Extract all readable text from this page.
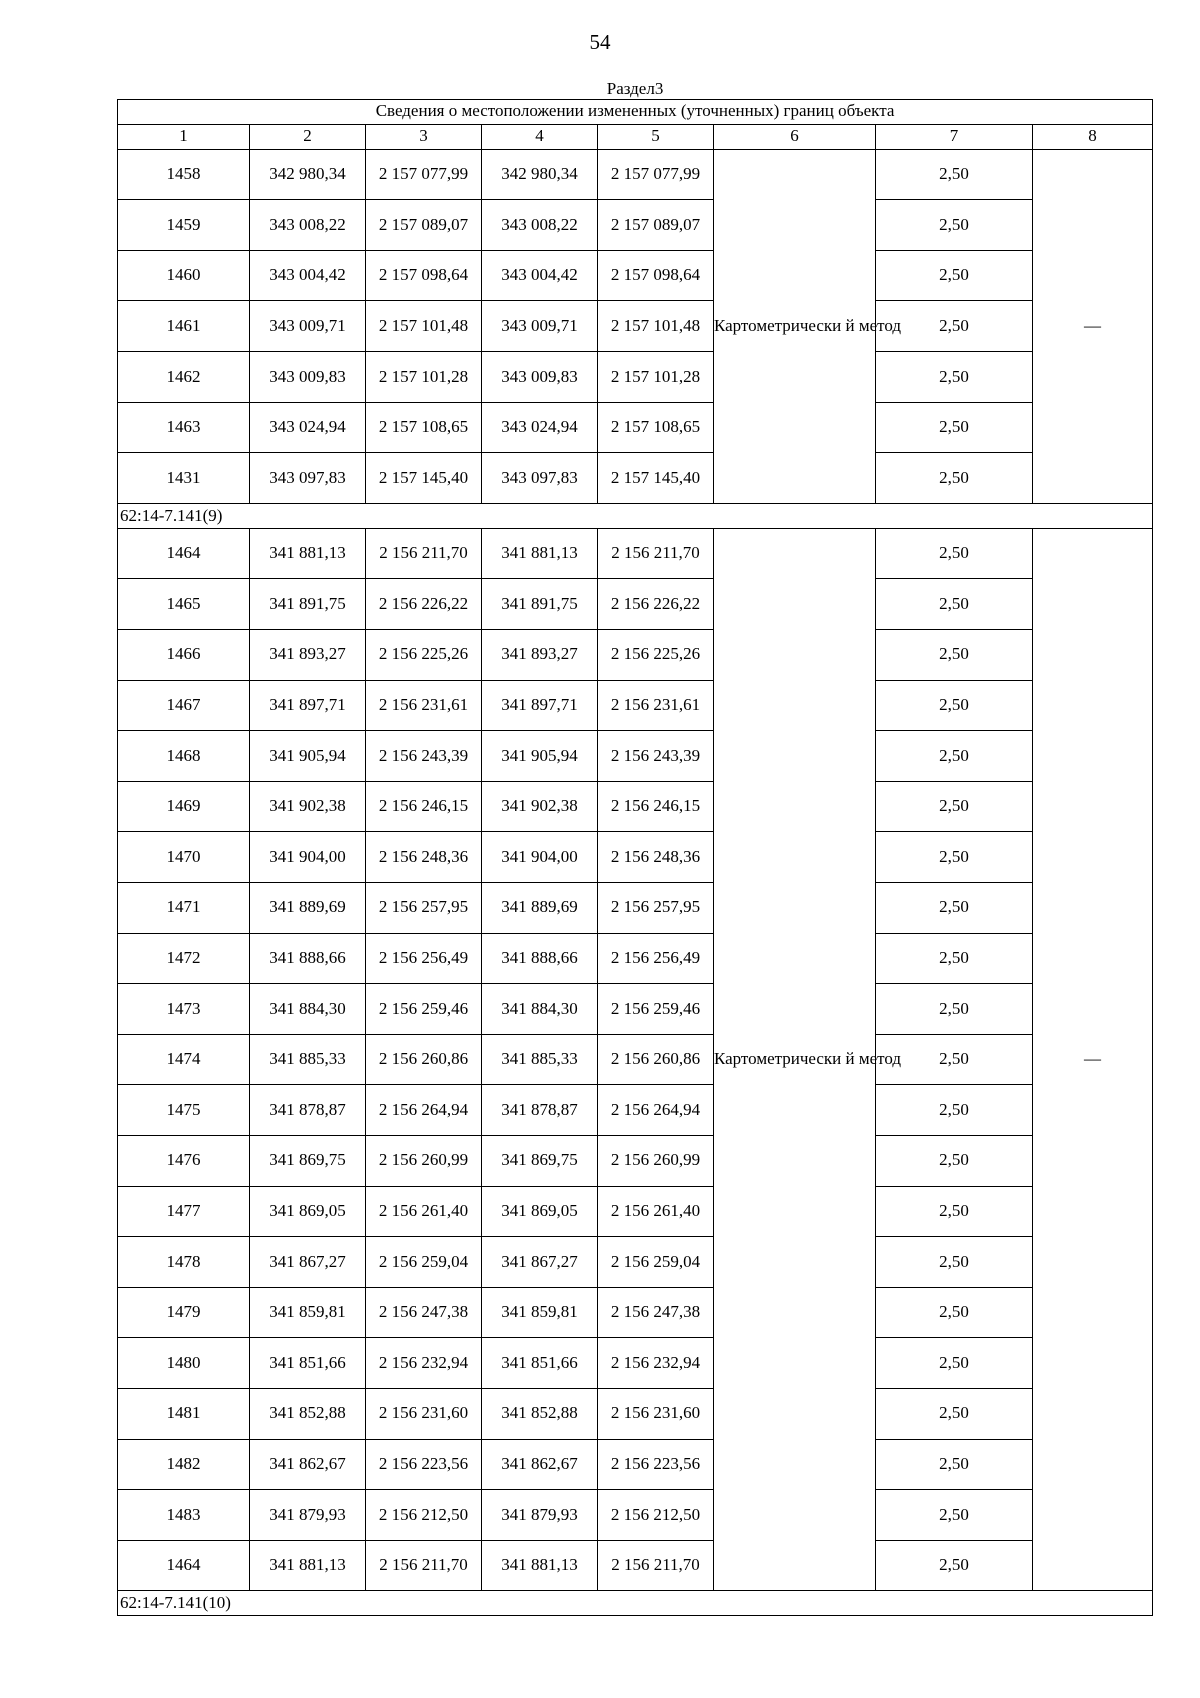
54
Раздел3							
Сведения о местоположении измененных (уточненных) границ объекта							
1	2	3	4	5	6	7	8
1458	342 980,34	2 157 077,99	342 980,34	2 157 077,99	Картометрически й метод	2,50	—
1459	343 008,22	2 157 089,07	343 008,22	2 157 089,07		2,50	
1460	343 004,42	2 157 098,64	343 004,42	2 157 098,64		2,50	
1461	343 009,71	2 157 101,48	343 009,71	2 157 101,48		2,50	
1462	343 009,83	2 157 101,28	343 009,83	2 157 101,28		2,50	
1463	343 024,94	2 157 108,65	343 024,94	2 157 108,65		2,50	
1431	343 097,83	2 157 145,40	343 097,83	2 157 145,40		2,50	
62:14-7.141(9)							
1464	341 881,13	2 156 211,70	341 881,13	2 156 211,70	Картометрически й метод	2,50	—
1465	341 891,75	2 156 226,22	341 891,75	2 156 226,22		2,50	
1466	341 893,27	2 156 225,26	341 893,27	2 156 225,26		2,50	
1467	341 897,71	2 156 231,61	341 897,71	2 156 231,61		2,50	
1468	341 905,94	2 156 243,39	341 905,94	2 156 243,39		2,50	
1469	341 902,38	2 156 246,15	341 902,38	2 156 246,15		2,50	
1470	341 904,00	2 156 248,36	341 904,00	2 156 248,36		2,50	
1471	341 889,69	2 156 257,95	341 889,69	2 156 257,95		2,50	
1472	341 888,66	2 156 256,49	341 888,66	2 156 256,49		2,50	
1473	341 884,30	2 156 259,46	341 884,30	2 156 259,46		2,50	
1474	341 885,33	2 156 260,86	341 885,33	2 156 260,86		2,50	
1475	341 878,87	2 156 264,94	341 878,87	2 156 264,94		2,50	
1476	341 869,75	2 156 260,99	341 869,75	2 156 260,99		2,50	
1477	341 869,05	2 156 261,40	341 869,05	2 156 261,40		2,50	
1478	341 867,27	2 156 259,04	341 867,27	2 156 259,04		2,50	
1479	341 859,81	2 156 247,38	341 859,81	2 156 247,38		2,50	
1480	341 851,66	2 156 232,94	341 851,66	2 156 232,94		2,50	
1481	341 852,88	2 156 231,60	341 852,88	2 156 231,60		2,50	
1482	341 862,67	2 156 223,56	341 862,67	2 156 223,56		2,50	
1483	341 879,93	2 156 212,50	341 879,93	2 156 212,50		2,50	
1464	341 881,13	2 156 211,70	341 881,13	2 156 211,70		2,50	
62:14-7.141(10)							
